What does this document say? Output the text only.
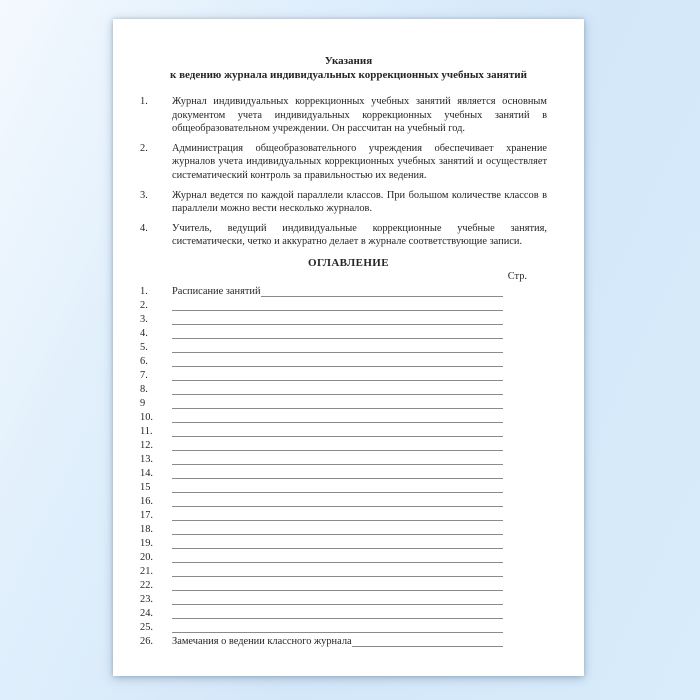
Указания
к ведению журнала индивидуальных коррекционных учебных занятий
1.	Журнал индивидуальных коррекционных учебных занятий является основным документом учета индивидуальных коррекционных учебных занятий в общеобразовательном учреждении. Он рассчитан на учебный год.
2.	Администрация общеобразовательного учреждения обеспечивает хранение журналов учета индивидуальных коррекционных учебных занятий и осуществляет систематический контроль за правильностью их ведения.
3.	Журнал ведется по каждой параллели классов. При большом количестве классов в параллели можно вести несколько журналов.
4.	Учитель, ведущий индивидуальные коррекционные учебные занятия, систематически, четко и аккуратно делает в журнале соответствующие записи.
ОГЛАВЛЕНИЕ
Стр.
1.	Расписание занятий
2.
3.
4.
5.
6.
7.
8.
9
10.
11.
12.
13.
14.
15
16.
17.
18.
19.
20.
21.
22.
23.
24.
25.
26.	Замечания о ведении классного журнала
